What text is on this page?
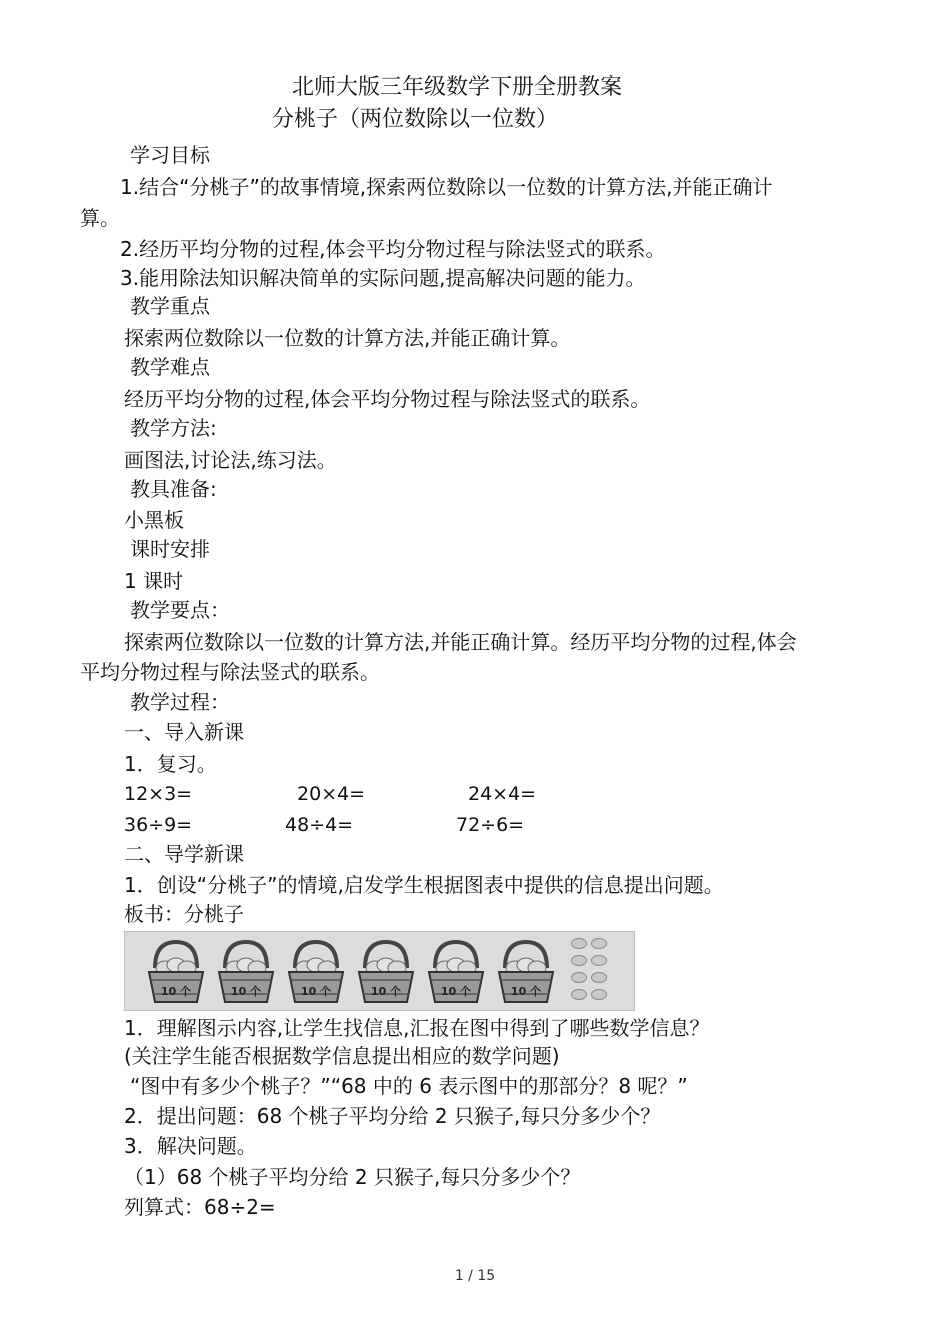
北师大版三年级数学下册全册教案
分桃子（两位数除以一位数）
学习目标
1.结合“分桃子”的故事情境,探索两位数除以一位数的计算方法,并能正确计
算。
2.经历平均分物的过程,体会平均分物过程与除法竖式的联系。
3.能用除法知识解决简单的实际问题,提高解决问题的能力。
教学重点
探索两位数除以一位数的计算方法,并能正确计算。
教学难点
经历平均分物的过程,体会平均分物过程与除法竖式的联系。
教学方法:
画图法,讨论法,练习法。
教具准备:
小黑板
课时安排
1 课时
教学要点：
探索两位数除以一位数的计算方法,并能正确计算。经历平均分物的过程,体会
平均分物过程与除法竖式的联系。
教学过程：
一、导入新课
1．复习。
12×3=	20×4=	24×4=
36÷9=	48÷4=	72÷6=
二、导学新课
1．创设“分桃子”的情境,启发学生根据图表中提供的信息提出问题。
板书：分桃子
10 个	10 个	10 个	10 个	10 个	10 个
1．理解图示内容,让学生找信息,汇报在图中得到了哪些数学信息？
(关注学生能否根据数学信息提出相应的数学问题)
“图中有多少个桃子？”“68 中的 6 表示图中的那部分？8 呢？”
2．提出问题：68 个桃子平均分给 2 只猴子,每只分多少个？
3．解决问题。
（1）68 个桃子平均分给 2 只猴子,每只分多少个？
列算式：68÷2=
1 / 15
